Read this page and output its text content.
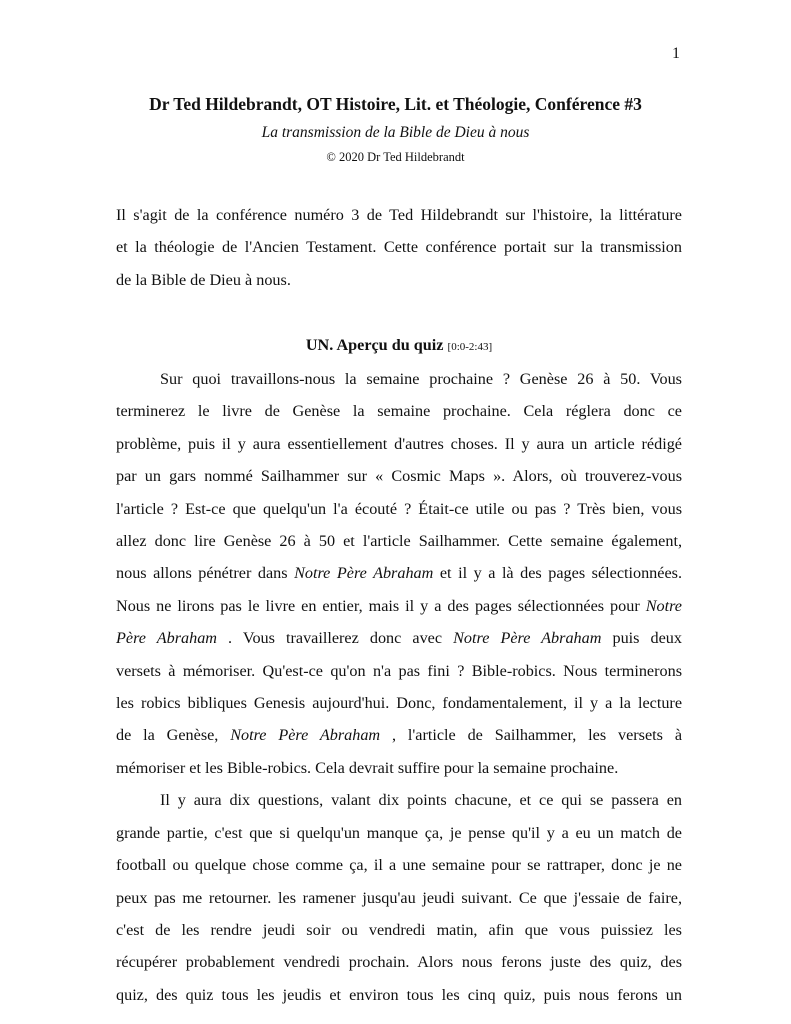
1
Dr Ted Hildebrandt, OT Histoire, Lit. et Théologie, Conférence #3
La transmission de la Bible de Dieu à nous
© 2020 Dr Ted Hildebrandt
Il s'agit de la conférence numéro 3 de Ted Hildebrandt sur l'histoire, la littérature
et la théologie de l'Ancien Testament. Cette conférence portait sur la transmission
de la Bible de Dieu à nous.
UN. Aperçu du quiz [0:0-2:43]
Sur quoi travaillons-nous la semaine prochaine ? Genèse 26 à 50. Vous
terminerez le livre de Genèse la semaine prochaine. Cela réglera donc ce
problème, puis il y aura essentiellement d'autres choses. Il y aura un article rédigé
par un gars nommé Sailhammer sur « Cosmic Maps ». Alors, où trouverez-vous
l'article ? Est-ce que quelqu'un l'a écouté ? Était-ce utile ou pas ? Très bien, vous
allez donc lire Genèse 26 à 50 et l'article Sailhammer. Cette semaine également,
nous allons pénétrer dans Notre Père Abraham et il y a là des pages sélectionnées.
Nous ne lirons pas le livre en entier, mais il y a des pages sélectionnées pour Notre
Père Abraham . Vous travaillerez donc avec Notre Père Abraham puis deux
versets à mémoriser. Qu'est-ce qu'on n'a pas fini ? Bible-robics. Nous terminerons
les robics bibliques Genesis aujourd'hui. Donc, fondamentalement, il y a la lecture
de la Genèse, Notre Père Abraham , l'article de Sailhammer, les versets à
mémoriser et les Bible-robics. Cela devrait suffire pour la semaine prochaine.
Il y aura dix questions, valant dix points chacune, et ce qui se passera en
grande partie, c'est que si quelqu'un manque ça, je pense qu'il y a eu un match de
football ou quelque chose comme ça, il a une semaine pour se rattraper, donc je ne
peux pas me retourner. les ramener jusqu'au jeudi suivant. Ce que j'essaie de faire,
c'est de les rendre jeudi soir ou vendredi matin, afin que vous puissiez les
récupérer probablement vendredi prochain. Alors nous ferons juste des quiz, des
quiz, des quiz tous les jeudis et environ tous les cinq quiz, puis nous ferons un
